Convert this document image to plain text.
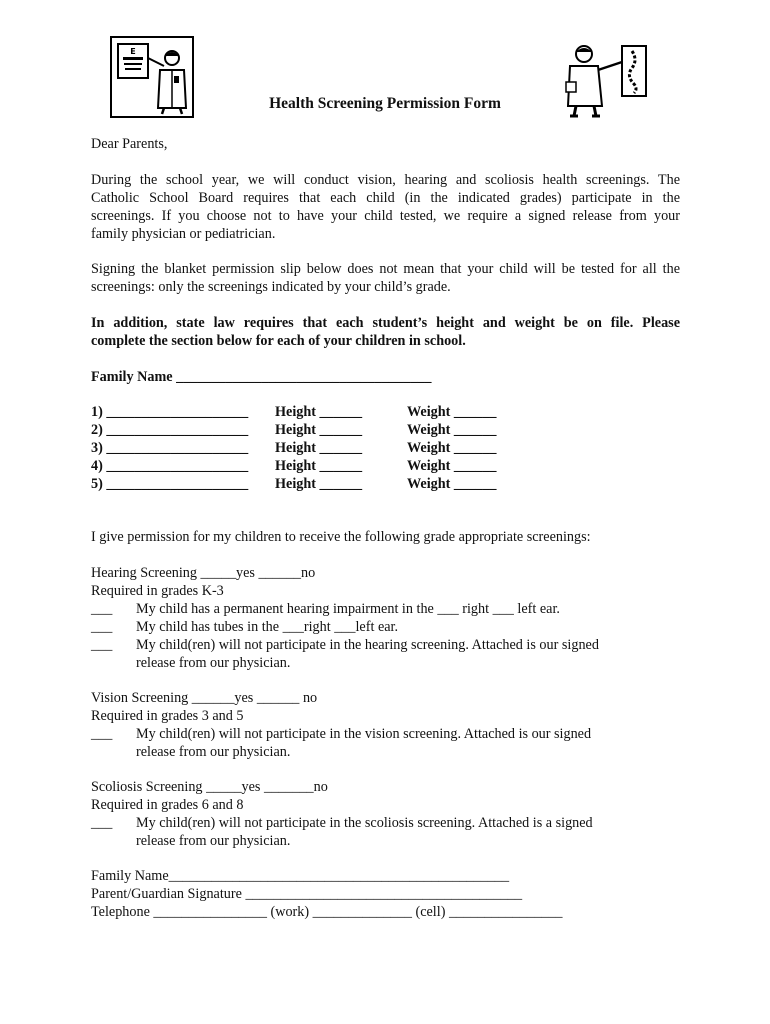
E
Health Screening Permission Form
Dear Parents,
During the school year, we will conduct vision, hearing and scoliosis health screenings. The
Catholic School Board requires that each child (in the indicated grades) participate in the
screenings. If you choose not to have your child tested, we require a signed release from your
family physician or pediatrician.
Signing the blanket permission slip below does not mean that your child will be tested for all the
screenings: only the screenings indicated by your child’s grade.
In addition, state law requires that each student’s height and weight be on file. Please
complete the section below for each of your children in school.
Family Name ____________________________________
1) ____________________ Height ______	Weight ______
2) ____________________ Height ______	Weight ______
3) ____________________ Height ______	Weight ______
4) ____________________ Height ______	Weight ______
5) ____________________ Height ______	Weight ______
I give permission for my children to receive the following grade appropriate screenings:
Hearing Screening _____yes ______no
Required in grades K-3
___ My child has a permanent hearing impairment in the ___ right ___ left ear.
___ My child has tubes in the ___right ___left ear.
___ My child(ren) will not participate in the hearing screening. Attached is our signed
release from our physician.
Vision Screening ______yes ______ no
Required in grades 3 and 5
___ My child(ren) will not participate in the vision screening. Attached is our signed
release from our physician.
Scoliosis Screening _____yes _______no
Required in grades 6 and 8
___ My child(ren) will not participate in the scoliosis screening. Attached is a signed
release from our physician.
Family Name________________________________________________
Parent/Guardian Signature _______________________________________
Telephone ________________ (work) ______________ (cell) ________________
